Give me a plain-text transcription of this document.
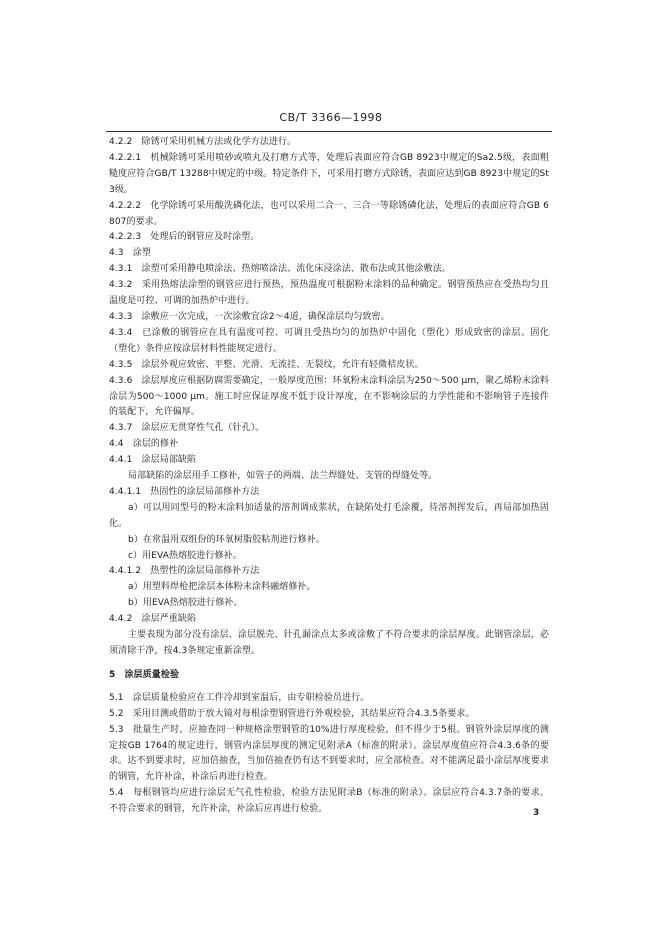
CB/T 3366—1998

4.2.2　除锈可采用机械方法或化学方法进行。

4.2.2.1　机械除锈可采用喷砂或喷丸及打磨方式等，处理后表面应符合GB 8923中规定的Sa2.5级，表面粗糙度应符合GB/T 13288中规定的中级。特定条件下，可采用打磨方式除锈，表面应达到GB 8923中规定的St3级。

4.2.2.2　化学除锈可采用酸洗磷化法，也可以采用二合一、三合一等除锈磷化法，处理后的表面应符合GB 6807的要求。

4.2.2.3　处理后的钢管应及时涂塑。

4.3　涂塑

4.3.1　涂塑可采用静电喷涂法、热熔喷涂法、流化床浸涂法、散布法或其他涂敷法。

4.3.2　采用热熔法涂塑的钢管应进行预热，预热温度可根据粉末涂料的品种确定。钢管预热应在受热均匀且温度是可控、可调的加热炉中进行。

4.3.3　涂敷应一次完成，一次涂敷宜涂2～4道，确保涂层均匀致密。

4.3.4　已涂敷的钢管应在具有温度可控、可调且受热均匀的加热炉中固化（塑化）形成致密的涂层。固化（塑化）条件应按涂层材料性能规定进行。

4.3.5　涂层外观应致密、平整、光滑、无流挂、无裂纹，允许有轻微桔皮状。

4.3.6　涂层厚度应根据防腐需要确定，一般厚度范围：环氧粉末涂料涂层为250～500 μm，聚乙烯粉末涂料涂层为500～1000 μm。施工时应保证厚度不低于设计厚度，在不影响涂层的力学性能和不影响管子连接件的装配下，允许偏厚。

4.3.7　涂层应无贯穿性气孔（针孔）。

4.4　涂层的修补

4.4.1　涂层局部缺陷

局部缺陷的涂层用手工修补，如管子的两端、法兰焊缝处、支管的焊缝处等。

4.4.1.1　热固性的涂层局部修补方法

a）可以用同型号的粉末涂料加适量的溶剂调成浆状，在缺陷处打毛涂覆，待溶剂挥发后，再局部加热固化。

b）在常温用双组份的环氧树脂胶粘剂进行修补。

c）用EVA热熔胶进行修补。

4.4.1.2　热塑性的涂层局部修补方法

a）用塑料焊枪把涂层本体粉末涂料融熔修补。

b）用EVA热熔胶进行修补。

4.4.2　涂层严重缺陷

主要表现为部分没有涂层、涂层脱壳、针孔漏涂点太多或涂敷了不符合要求的涂层厚度。此钢管涂层，必须清除干净，按4.3条规定重新涂塑。

5　涂层质量检验

5.1　涂层质量检验应在工件冷却到室温后，由专职检验员进行。

5.2　采用目测或借助于放大镜对每根涂塑钢管进行外观检验，其结果应符合4.3.5条要求。

5.3　批量生产时，应抽查同一种规格涂塑钢管的10%进行厚度检验，但不得少于5根。钢管外涂层厚度的测定按GB 1764的规定进行，钢管内涂层厚度的测定见附录A（标准的附录）。涂层厚度值应符合4.3.6条的要求。达不到要求时，应加倍抽查，当加倍抽查仍有达不到要求时，应全部检查。对不能满足最小涂层厚度要求的钢管，允许补涂，补涂后再进行检查。

5.4　每根钢管均应进行涂层无气孔性检验，检验方法见附录B（标准的附录）。涂层应符合4.3.7条的要求。不符合要求的钢管，允许补涂，补涂后应再进行检验。	3
